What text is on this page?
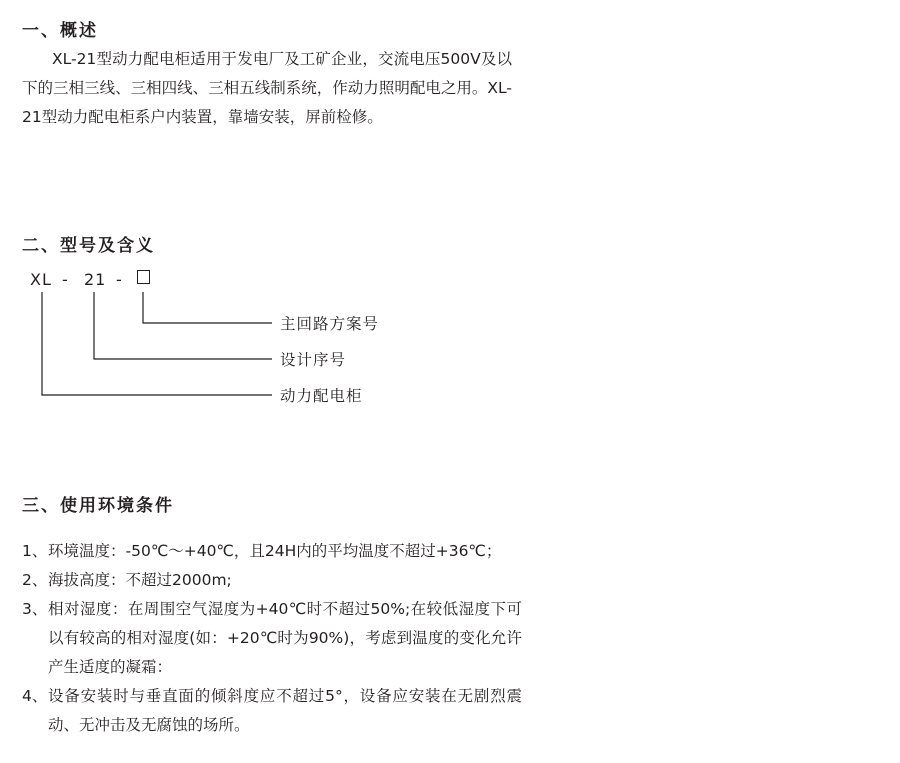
一、概述

XL-21型动力配电柜适用于发电厂及工矿企业，交流电压500V及以下的三相三线、三相四线、三相五线制系统，作动力照明配电之用。XL-21型动力配电柜系户内装置，靠墙安装，屏前检修。

二、型号及含义
XL - 21 -
主回路方案号
设计序号
动力配电柜
三、使用环境条件
1、 环境温度：-50℃～+40℃，且24H内的平均温度不超过+36℃；
2、 海拔高度：不超过2000m;
3、 相对湿度：在周围空气湿度为+40℃时不超过50%;在较低湿度下可以有较高的相对湿度(如：+20℃时为90%)，考虑到温度的变化允许产生适度的凝霜：
4、 设备安装时与垂直面的倾斜度应不超过5°，设备应安装在无剧烈震动、无冲击及无腐蚀的场所。
